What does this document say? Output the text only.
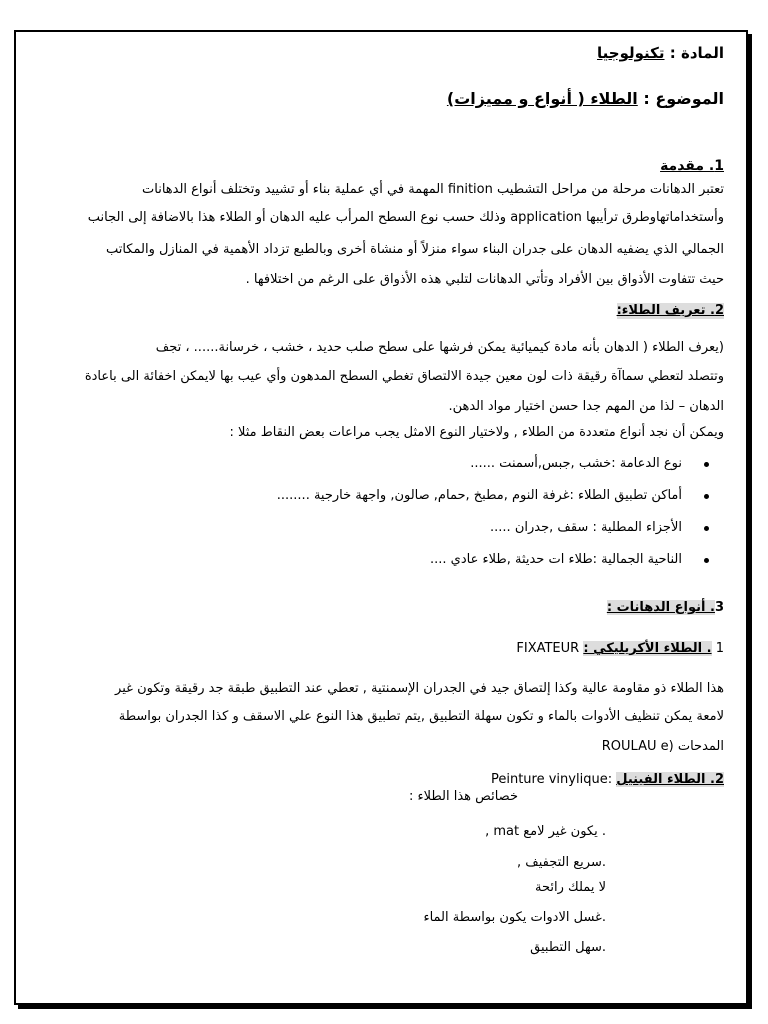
المادة : تكنولوجيا
الموضوع : الطلاء ( أنواع و مميزات)
1. مقدمة
تعتبر الدهانات مرحلة من مراحل التشطيب finition المهمة في أي عملية بناء أو تشييد وتختلف أنواع الدهانات
وأستخداماتهاوطرق ترأيبها application وذلك حسب نوع السطح المرأب عليه الدهان أو الطلاء هذا بالاضافة إلى الجانب
الجمالي الذي يضفيه الدهان على جدران البناء سواء منزلاً أو منشاة أخرى وبالطبع تزداد الأهمية في المنازل والمكاتب
حيث تتفاوت الأذواق بين الأفراد وتأتي الدهانات لتلبي هذه الأذواق على الرغم من اختلافها .
2. تعريف الطلاء:
(يعرف الطلاء ( الدهان بأنه مادة كيميائية يمكن فرشها على سطح صلب حديد ، خشب ، خرسانة...... ، تجف
وتتصلد لتعطي سماآة رقيقة ذات لون معين جيدة الالتصاق تغطي السطح المدهون وأي عيب بها لايمكن اخفائة الى باعادة
الدهان – لذا من المهم جدا حسن اختيار مواد الدهن.
ويمكن أن نجد أنواع متعددة من الطلاء , ولاختيار النوع الامثل يجب مراعات بعض النقاط مثلا :
نوع الدعامة :خشب ,جبس,أسمنت ......
أماكن تطبيق الطلاء :غرفة النوم ,مطبخ ,حمام, صالون, واجهة خارجية ........
الأجزاء المطلية : سقف ,جدران .....
الناحية الجمالية :طلاء ات حديثة ,طلاء عادي ....
3. أنواع الدهانات :
1 . الطلاء الأكريليكي : FIXATEUR
هذا الطلاء ذو مقاومة عالية وكذا إلتصاق جيد في الجدران الإسمنتية , تعطي عند التطبيق طبقة جد رقيقة وتكون غير
لامعة يمكن تنظيف الأدوات بالماء و تكون سهلة التطبيق ,يتم تطبيق هذا النوع علي الاسقف و كذا الجدران بواسطة
المدحات (ROULAU e
2. الطلاء الفينيل :Peinture vinylique
خصائص هذا الطلاء :
. يكون غير لامع mat ,
.سريع التجفيف ,
لا يملك رائحة
.غسل الادوات يكون بواسطة الماء
.سهل التطبيق
